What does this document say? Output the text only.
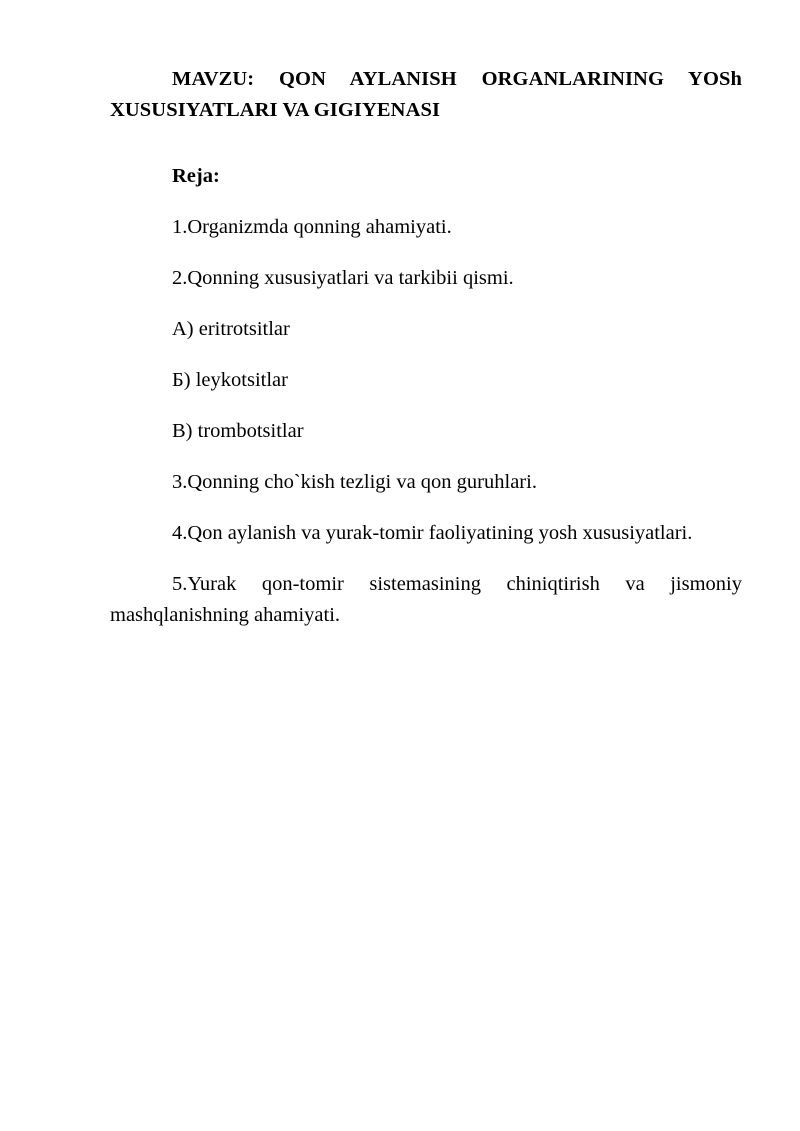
MAVZU: QON AYLANISH ORGANLARINING YOSh
XUSUSIYATLARI VA GIGIYENASI

Reja:

1.Organizmda qonning ahamiyati.

2.Qonning xususiyatlari va tarkibii qismi.

A) eritrotsitlar

Б) leykotsitlar

В) trombotsitlar

3.Qonning cho`kish tezligi va qon guruhlari.

4.Qon aylanish va yurak-tomir faoliyatining yosh xususiyatlari.

5.Yurak qon-tomir sistemasining chiniqtirish va jismoniy mashqlanishning ahamiyati.
